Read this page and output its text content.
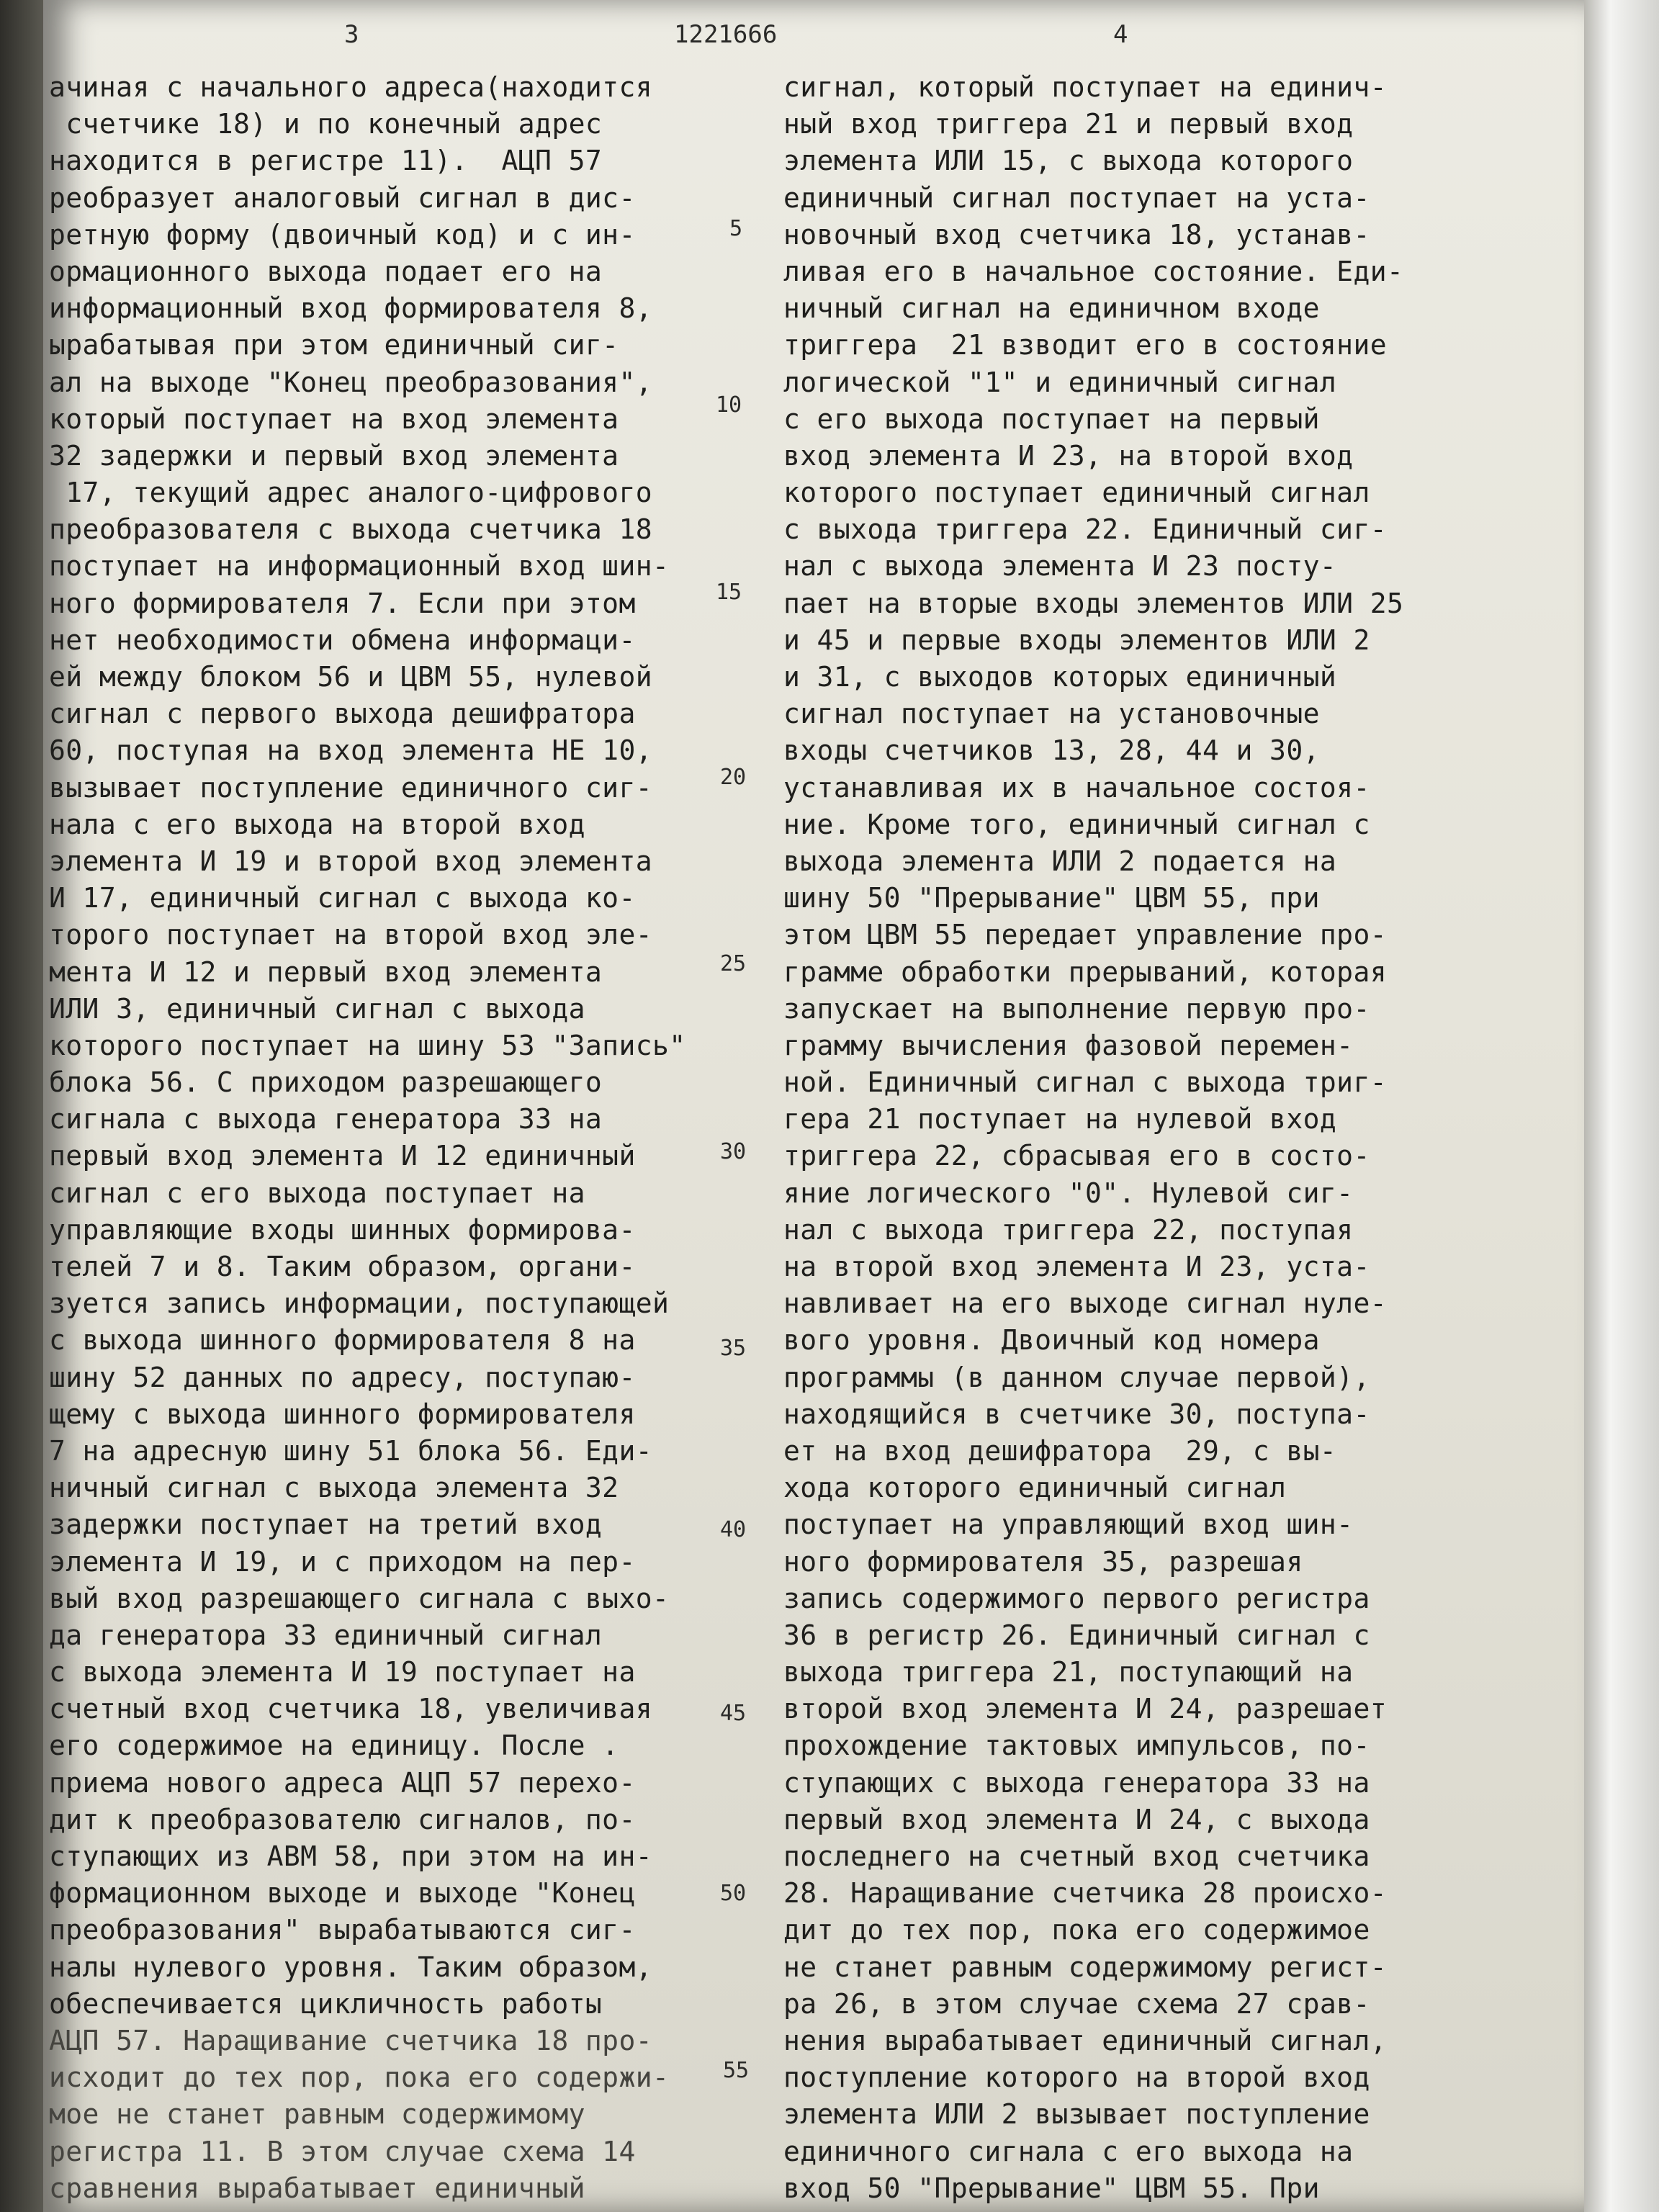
3	1221666	4
ачиная с начального адреса(находится
счетчике 18) и по конечный адрес
находится в регистре 11).  АЦП 57
реобразует аналоговый сигнал в дис-
ретную форму (двоичный код) и с ин-
ормационного выхода подает его на
информационный вход формирователя 8,
ырабатывая при этом единичный сиг-
ал на выходе "Конец преобразования",
который поступает на вход элемента
32 задержки и первый вход элемента
17, текущий адрес аналого-цифрового
преобразователя с выхода счетчика 18
поступает на информационный вход шин-
ного формирователя 7. Если при этом
нет необходимости обмена информаци-
ей между блоком 56 и ЦВМ 55, нулевой
сигнал с первого выхода дешифратора
60, поступая на вход элемента НЕ 10,
вызывает поступление единичного сиг-
нала с его выхода на второй вход
элемента И 19 и второй вход элемента
И 17, единичный сигнал с выхода ко-
торого поступает на второй вход эле-
мента И 12 и первый вход элемента
ИЛИ 3, единичный сигнал с выхода
которого поступает на шину 53 "Запись"
блока 56. С приходом разрешающего
сигнала с выхода генератора 33 на
первый вход элемента И 12 единичный
сигнал с его выхода поступает на
управляющие входы шинных формирова-
телей 7 и 8. Таким образом, органи-
зуется запись информации, поступающей
с выхода шинного формирователя 8 на
шину 52 данных по адресу, поступаю-
щему с выхода шинного формирователя
7 на адресную шину 51 блока 56. Еди-
ничный сигнал с выхода элемента 32
задержки поступает на третий вход
элемента И 19, и с приходом на пер-
вый вход разрешающего сигнала с выхо-
да генератора 33 единичный сигнал
с выхода элемента И 19 поступает на
счетный вход счетчика 18, увеличивая
его содержимое на единицу. После .
приема нового адреса АЦП 57 перехо-
дит к преобразователю сигналов, по-
ступающих из АВМ 58, при этом на ин-
формационном выходе и выходе "Конец
преобразования" вырабатываются сиг-
налы нулевого уровня. Таким образом,
обеспечивается цикличность работы
АЦП 57. Наращивание счетчика 18 про-
исходит до тех пор, пока его содержи-
мое не станет равным содержимому
регистра 11. В этом случае схема 14
сравнения вырабатывает единичный
сигнал, который поступает на единич-
ный вход триггера 21 и первый вход
элемента ИЛИ 15, с выхода которого
единичный сигнал поступает на уста-
новочный вход счетчика 18, устанав-
ливая его в начальное состояние. Еди-
ничный сигнал на единичном входе
триггера  21 взводит его в состояние
логической "1" и единичный сигнал
с его выхода поступает на первый
вход элемента И 23, на второй вход
которого поступает единичный сигнал
с выхода триггера 22. Единичный сиг-
нал с выхода элемента И 23 посту-
пает на вторые входы элементов ИЛИ 25
и 45 и первые входы элементов ИЛИ 2
и 31, с выходов которых единичный
сигнал поступает на установочные
входы счетчиков 13, 28, 44 и 30,
устанавливая их в начальное состоя-
ние. Кроме того, единичный сигнал с
выхода элемента ИЛИ 2 подается на
шину 50 "Прерывание" ЦВМ 55, при
этом ЦВМ 55 передает управление про-
грамме обработки прерываний, которая
запускает на выполнение первую про-
грамму вычисления фазовой перемен-
ной. Единичный сигнал с выхода триг-
гера 21 поступает на нулевой вход
триггера 22, сбрасывая его в состо-
яние логического "0". Нулевой сиг-
нал с выхода триггера 22, поступая
на второй вход элемента И 23, уста-
навливает на его выходе сигнал нуле-
вого уровня. Двоичный код номера
программы (в данном случае первой),
находящийся в счетчике 30, поступа-
ет на вход дешифратора  29, с вы-
хода которого единичный сигнал
поступает на управляющий вход шин-
ного формирователя 35, разрешая
запись содержимого первого регистра
36 в регистр 26. Единичный сигнал с
выхода триггера 21, поступающий на
второй вход элемента И 24, разрешает
прохождение тактовых импульсов, по-
ступающих с выхода генератора 33 на
первый вход элемента И 24, с выхода
последнего на счетный вход счетчика
28. Наращивание счетчика 28 происхо-
дит до тех пор, пока его содержимое
не станет равным содержимому регист-
ра 26, в этом случае схема 27 срав-
нения вырабатывает единичный сигнал,
поступление которого на второй вход
элемента ИЛИ 2 вызывает поступление
единичного сигнала с его выхода на
вход 50 "Прерывание" ЦВМ 55. При
5
10
15
20
25
30
35
40
45
50
55
